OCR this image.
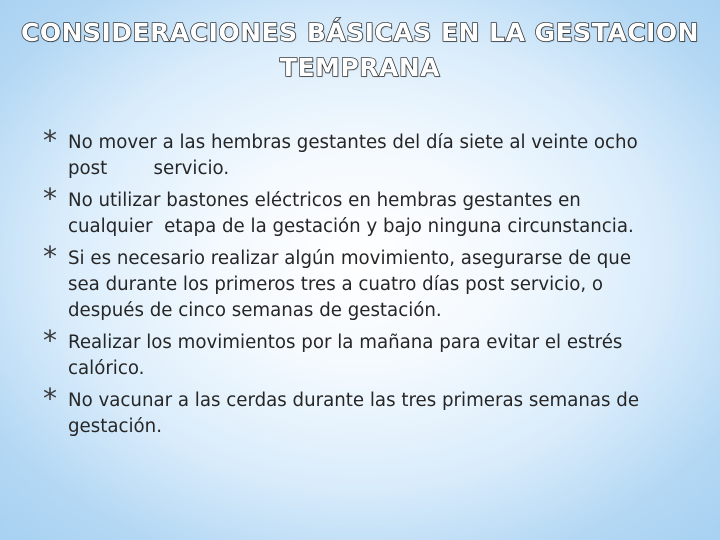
CONSIDERACIONES BÁSICAS EN LA GESTACION
TEMPRANA
* No mover a las hembras gestantes del día siete al veinte ocho post        servicio.
* No utilizar bastones eléctricos en hembras gestantes en cualquier  etapa de la gestación y bajo ninguna circunstancia.
* Si es necesario realizar algún movimiento, asegurarse de que sea durante los primeros tres a cuatro días post servicio, o después de cinco semanas de gestación.
* Realizar los movimientos por la mañana para evitar el estrés calórico.
* No vacunar a las cerdas durante las tres primeras semanas de gestación.
